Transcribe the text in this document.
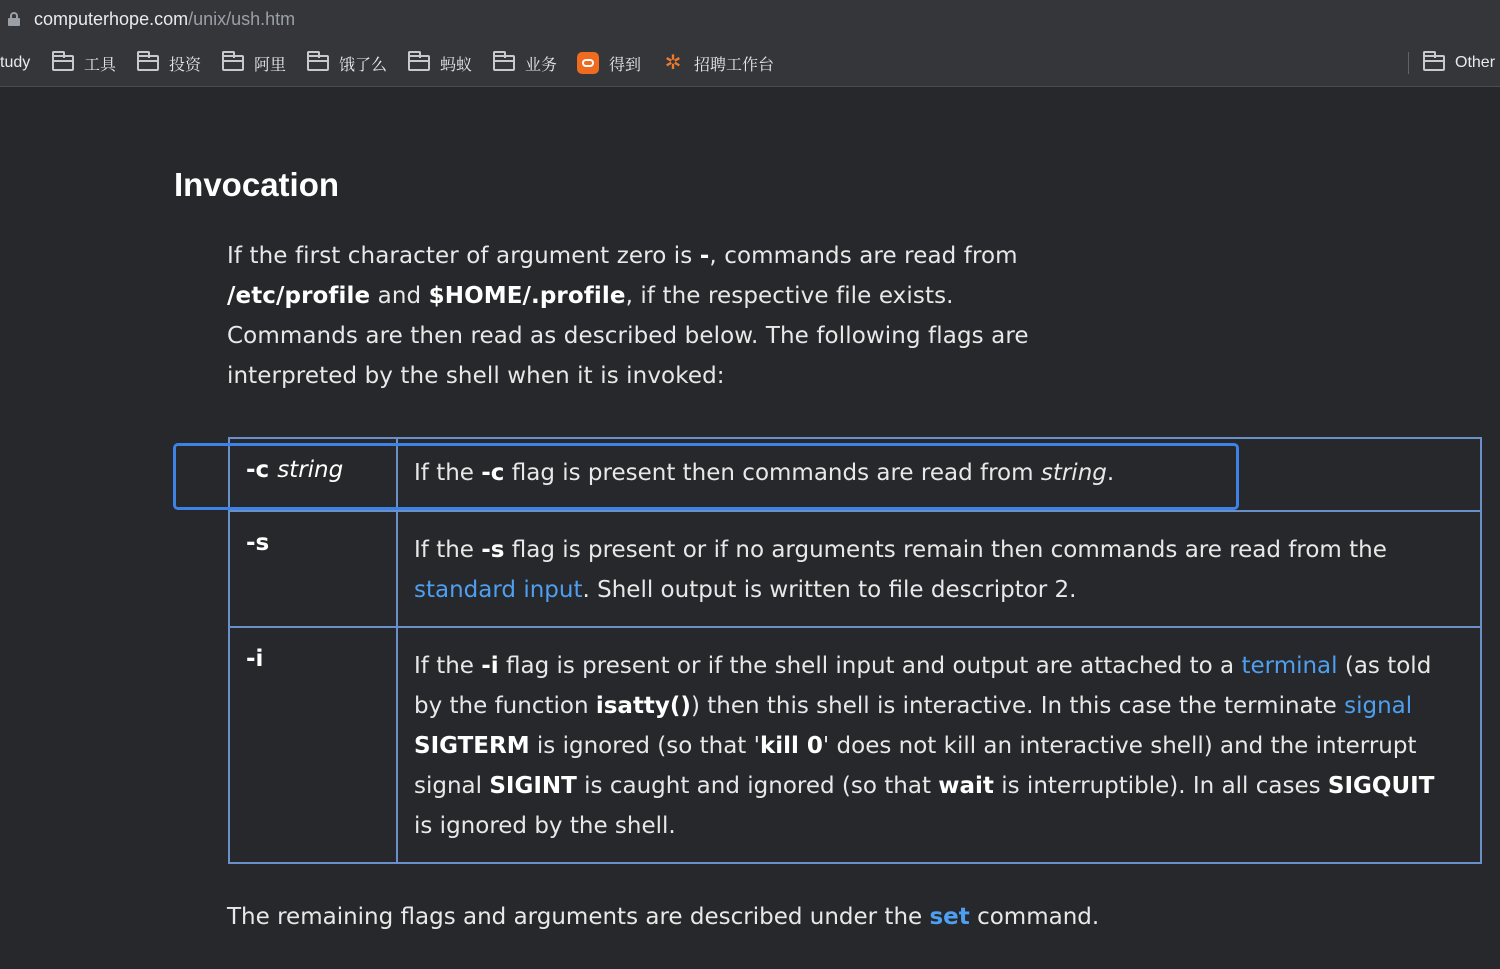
computerhope.com /unix/ush.htm
tudy	工具	投资	阿里	饿了么	蚂蚁	业务	得到 ✲ 招聘工作台	Other
Invocation

If the first character of argument zero is -, commands are read from /etc/profile and $HOME/.profile, if the respective file exists. Commands are then read as described below. The following flags are interpreted by the shell when it is invoked:

-c string	If the -c flag is present then commands are read from string.
-s	If the -s flag is present or if no arguments remain then commands are read from the standard input. Shell output is written to file descriptor 2.
-i	If the -i flag is present or if the shell input and output are attached to a terminal (as told by the function isatty()) then this shell is interactive. In this case the terminate signal SIGTERM is ignored (so that 'kill 0' does not kill an interactive shell) and the interrupt signal SIGINT is caught and ignored (so that wait is interruptible). In all cases SIGQUIT is ignored by the shell.

The remaining flags and arguments are described under the set command.
